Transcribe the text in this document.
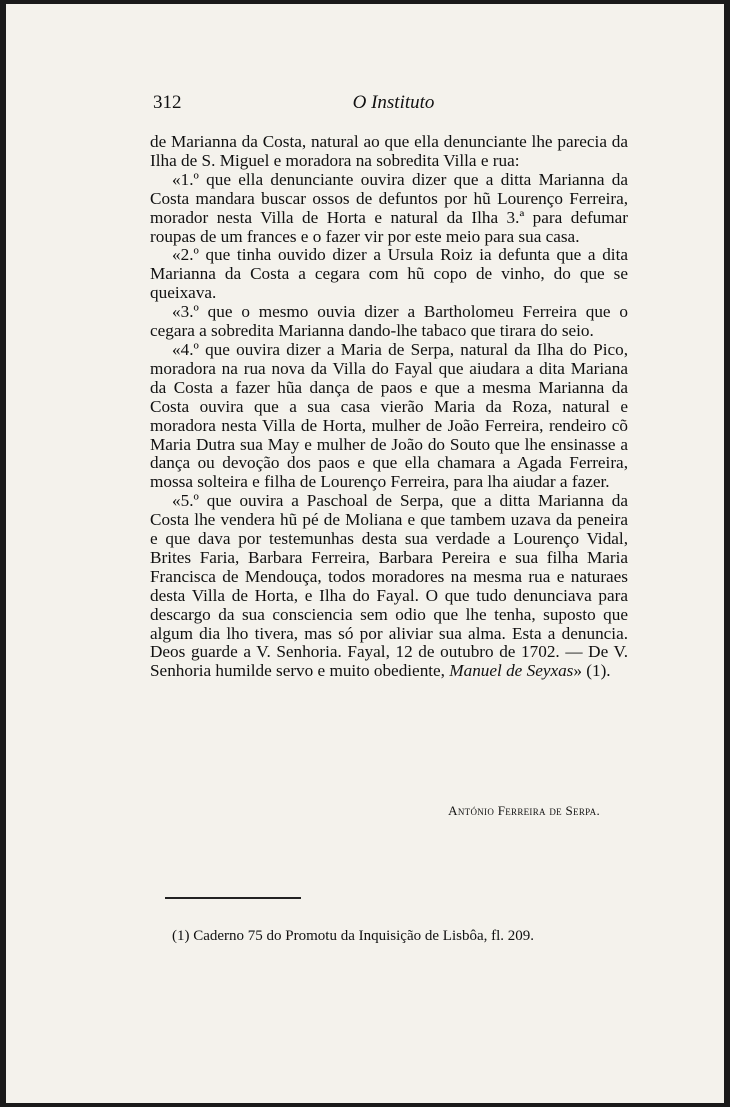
312	O Instituto

de Marianna da Costa, natural ao que ella denunciante lhe parecia da Ilha de S. Miguel e moradora na sobredita Villa e rua:

«1.º que ella denunciante ouvira dizer que a ditta Marianna da Costa mandara buscar ossos de defuntos por hũ Lourenço Ferreira, morador nesta Villa de Horta e natural da Ilha 3.ª para defumar roupas de um frances e o fazer vir por este meio para sua casa.

«2.º que tinha ouvido dizer a Ursula Roiz ia defunta que a dita Marianna da Costa a cegara com hũ copo de vinho, do que se queixava.

«3.º que o mesmo ouvia dizer a Bartholomeu Ferreira que o cegara a sobredita Marianna dando-lhe tabaco que tirara do seio.

«4.º que ouvira dizer a Maria de Serpa, natural da Ilha do Pico, moradora na rua nova da Villa do Fayal que aiudara a dita Mariana da Costa a fazer hũa dança de paos e que a mesma Marianna da Costa ouvira que a sua casa vierão Maria da Roza, natural e moradora nesta Villa de Horta, mulher de João Ferreira, rendeiro cõ Maria Dutra sua May e mulher de João do Souto que lhe ensinasse a dança ou devoção dos paos e que ella chamara a Agada Ferreira, mossa solteira e filha de Lourenço Ferreira, para lha aiudar a fazer.

«5.º que ouvira a Paschoal de Serpa, que a ditta Marianna da Costa lhe vendera hũ pé de Moliana e que tambem uzava da peneira e que dava por testemunhas desta sua verdade a Lourenço Vidal, Brites Faria, Barbara Ferreira, Barbara Pereira e sua filha Maria Francisca de Mendouça, todos moradores na mesma rua e naturaes desta Villa de Horta, e Ilha do Fayal. O que tudo denunciava para descargo da sua consciencia sem odio que lhe tenha, suposto que algum dia lho tivera, mas só por aliviar sua alma. Esta a denuncia. Deos guarde a V. Senhoria. Fayal, 12 de outubro de 1702. — De V. Senhoria humilde servo e muito obediente, Manuel de Seyxas» (1).

António Ferreira de Serpa.
(1) Caderno 75 do Promotu da Inquisição de Lisbôa, fl. 209.
